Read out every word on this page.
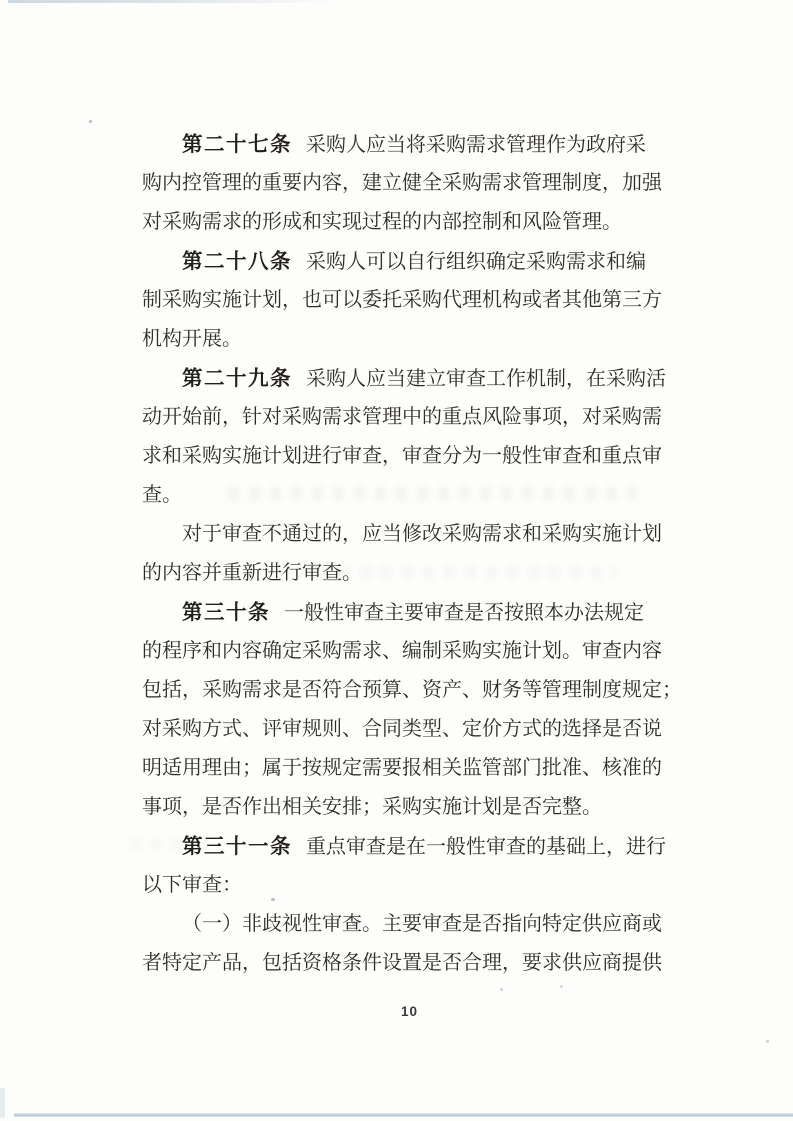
第二十七条 采购人应当将采购需求管理作为政府采
购内控管理的重要内容，建立健全采购需求管理制度，加强
对采购需求的形成和实现过程的内部控制和风险管理。
第二十八条 采购人可以自行组织确定采购需求和编
制采购实施计划，也可以委托采购代理机构或者其他第三方
机构开展。
第二十九条 采购人应当建立审查工作机制，在采购活
动开始前，针对采购需求管理中的重点风险事项，对采购需
求和采购实施计划进行审查，审查分为一般性审查和重点审
查。
对于审查不通过的，应当修改采购需求和采购实施计划
的内容并重新进行审查。
第三十条 一般性审查主要审查是否按照本办法规定
的程序和内容确定采购需求、编制采购实施计划。审查内容
包括，采购需求是否符合预算、资产、财务等管理制度规定；
对采购方式、评审规则、合同类型、定价方式的选择是否说
明适用理由；属于按规定需要报相关监管部门批准、核准的
事项，是否作出相关安排；采购实施计划是否完整。
第三十一条 重点审查是在一般性审查的基础上，进行
以下审查：
（一）非歧视性审查。主要审查是否指向特定供应商或
者特定产品，包括资格条件设置是否合理，要求供应商提供
10
